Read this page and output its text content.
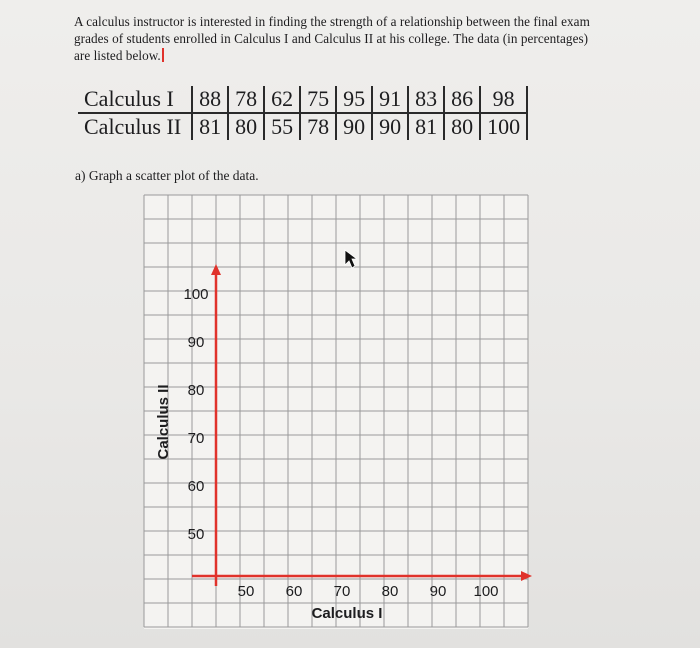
A calculus instructor is interested in finding the strength of a relationship between the final exam
grades of students enrolled in Calculus I and Calculus II at his college. The data (in percentages)
are listed below.
Calculus I	88	78	62	75	95	91	83	86	98
Calculus II	81	80	55	78	90	90	81	80	100
a) Graph a scatter plot of the data.
50 60 70 80 90 100
100
90
80
70
60
50
Calculus I
Calculus II
